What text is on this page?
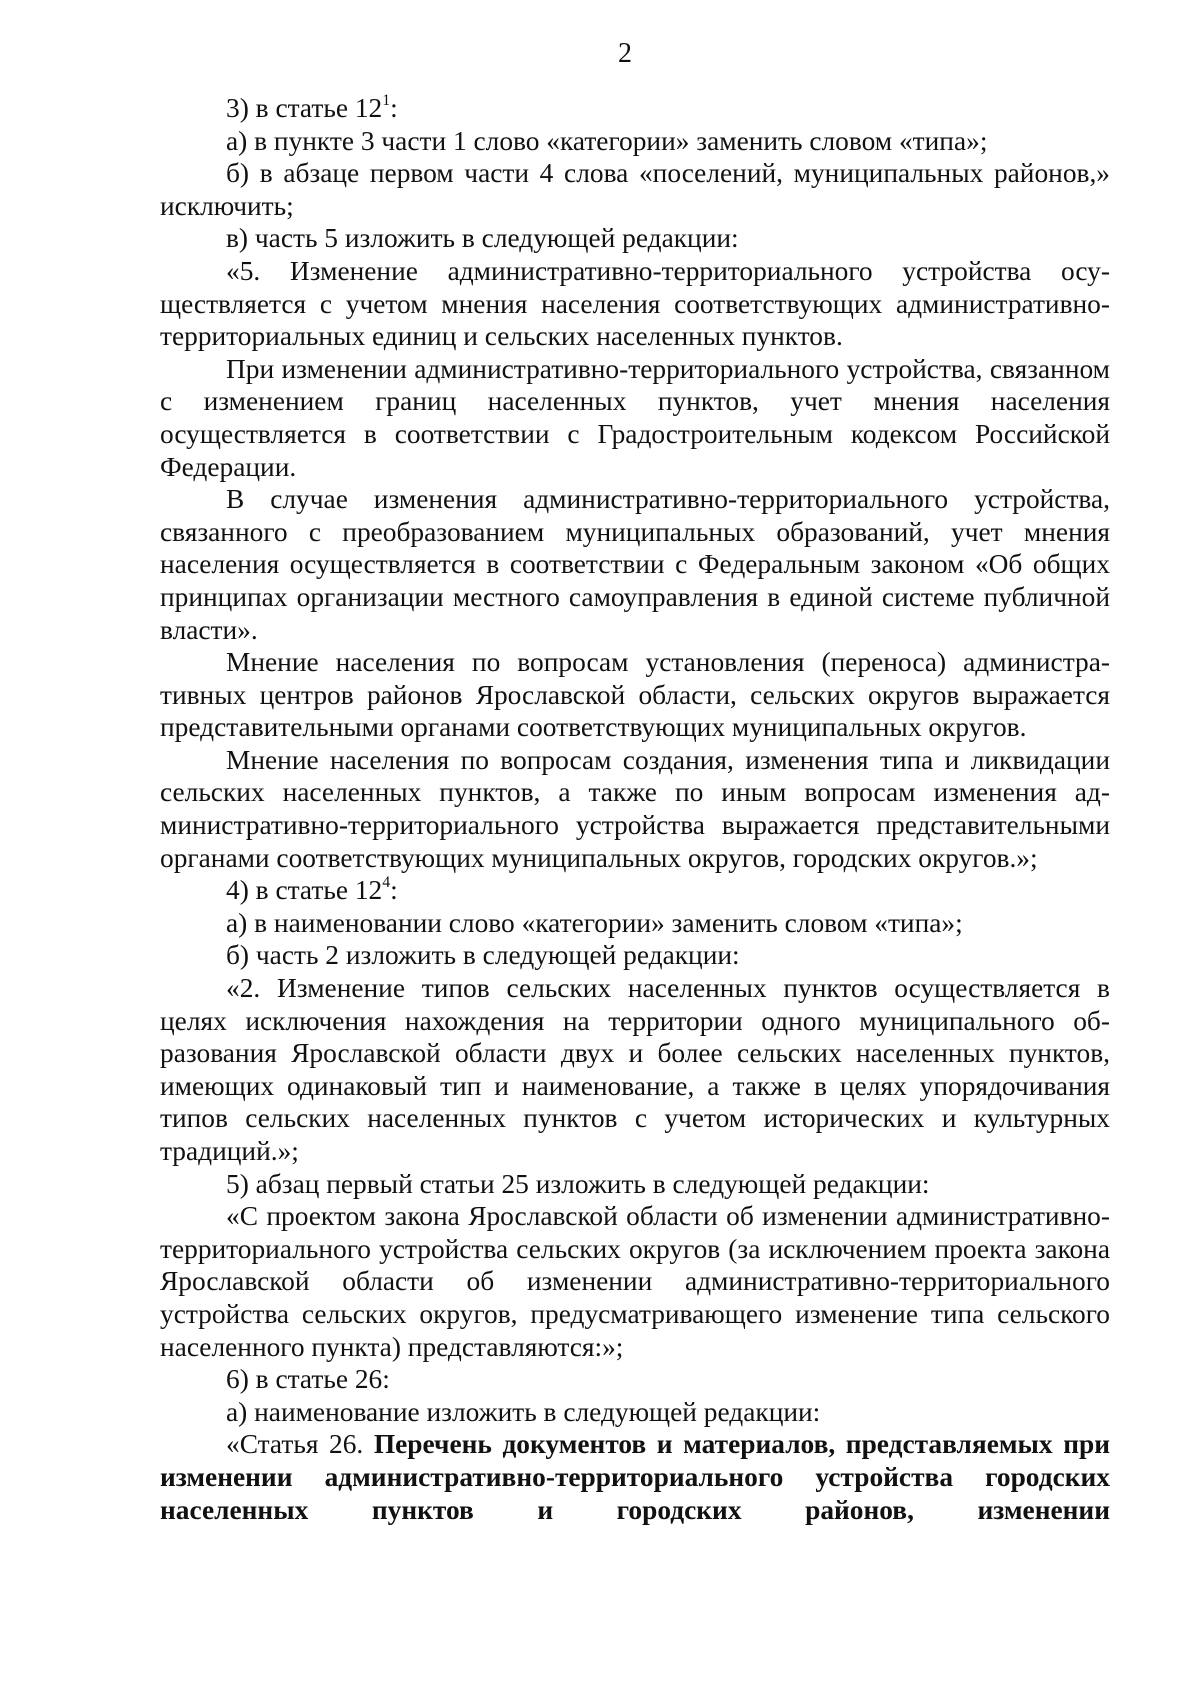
2

3) в статье $12^1$:

а) в пункте 3 части 1 слово «категории» заменить словом «типа»;

б) в абзаце первом части 4 слова «поселений, муниципальных районов,» исключить;

в) часть 5 изложить в следующей редакции:

«5. Изменение административно-территориального устройства осуществляется с учетом мнения населения соответствующих административно-территориальных единиц и сельских населенных пунктов.

При изменении административно-территориального устройства, связанном с изменением границ населенных пунктов, учет мнения населения осуществляется в соответствии с Градостроительным кодексом Российской Федерации.

В случае изменения административно-территориального устройства, связанного с преобразованием муниципальных образований, учет мнения населения осуществляется в соответствии с Федеральным законом «Об общих принципах организации местного самоуправления в единой системе публичной власти».

Мнение населения по вопросам установления (переноса) административных центров районов Ярославской области, сельских округов выражается представительными органами соответствующих муниципальных округов.

Мнение населения по вопросам создания, изменения типа и ликвидации сельских населенных пунктов, а также по иным вопросам изменения административно-территориального устройства выражается представительными органами соответствующих муниципальных округов, городских округов.»;

4) в статье $12^4$:

а) в наименовании слово «категории» заменить словом «типа»;

б) часть 2 изложить в следующей редакции:

«2. Изменение типов сельских населенных пунктов осуществляется в целях исключения нахождения на территории одного муниципального образования Ярославской области двух и более сельских населенных пунктов, имеющих одинаковый тип и наименование, а также в целях упорядочивания типов сельских населенных пунктов с учетом исторических и культурных традиций.»;

5) абзац первый статьи 25 изложить в следующей редакции:

«С проектом закона Ярославской области об изменении административно-территориального устройства сельских округов (за исключением проекта закона Ярославской области об изменении административно-территориального устройства сельских округов, предусматривающего изменение типа сельского населенного пункта) представляются:»;

6) в статье 26:

а) наименование изложить в следующей редакции:

«Статья 26. Перечень документов и материалов, представляемых при изменении административно-территориального устройства городских населенных пунктов и городских районов, изменении
